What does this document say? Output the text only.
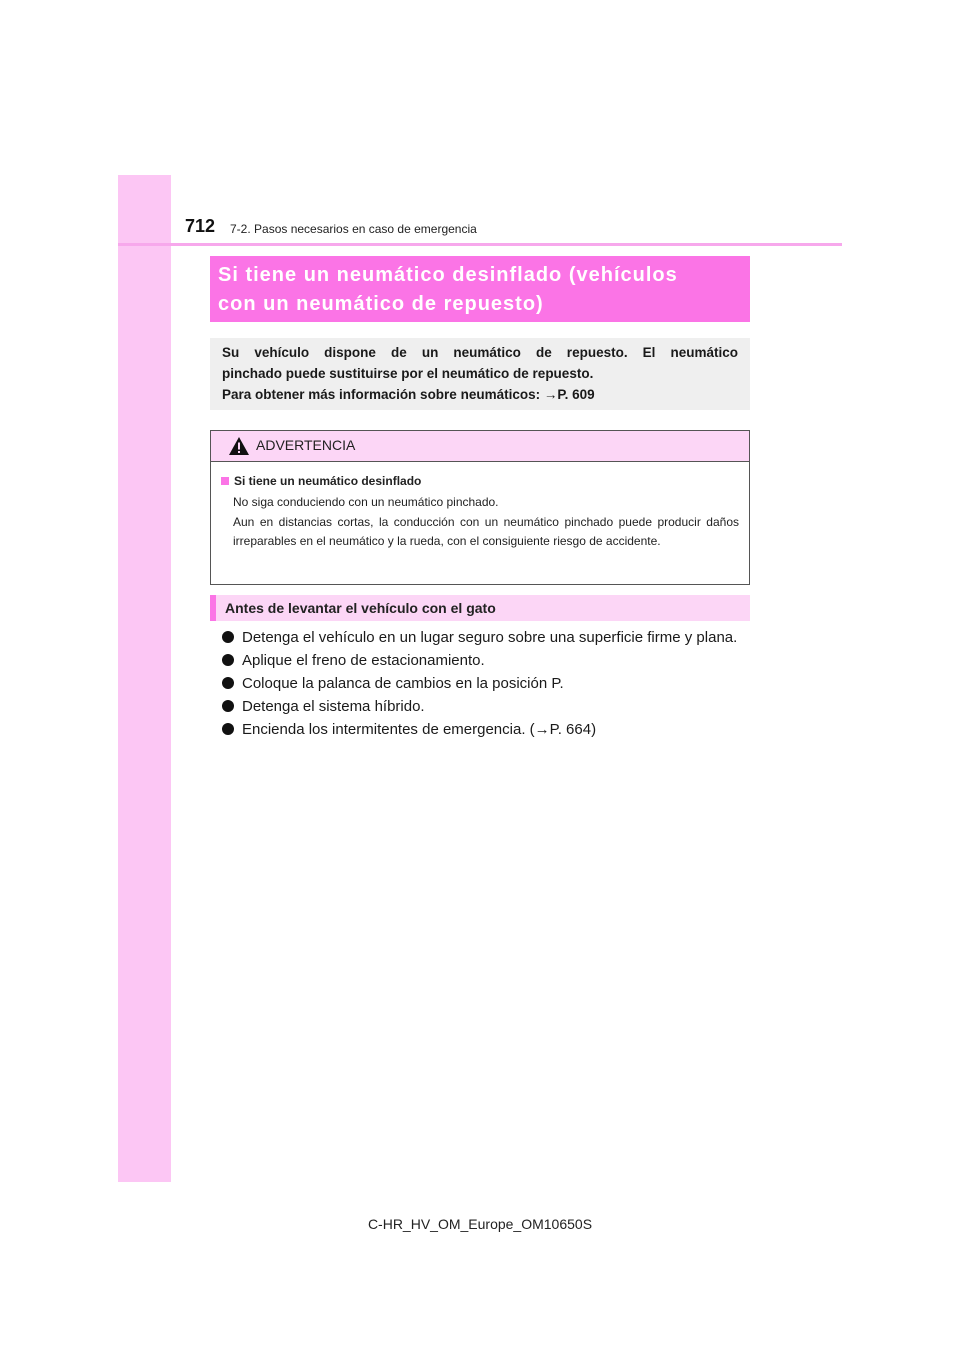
712 7-2. Pasos necesarios en caso de emergencia
Si tiene un neumático desinflado (vehículos
con un neumático de repuesto)
Su vehículo dispone de un neumático de repuesto. El neumático
pinchado puede sustituirse por el neumático de repuesto.
Para obtener más información sobre neumáticos: →P. 609
ADVERTENCIA
Si tiene un neumático desinflado

No siga conduciendo con un neumático pinchado.

Aun en distancias cortas, la conducción con un neumático pinchado puede producir daños irreparables en el neumático y la rueda, con el consiguiente riesgo de accidente.

Antes de levantar el vehículo con el gato
Detenga el vehículo en un lugar seguro sobre una superficie firme y plana.
Aplique el freno de estacionamiento.
Coloque la palanca de cambios en la posición P.
Detenga el sistema híbrido.
Encienda los intermitentes de emergencia. (→P. 664)
C-HR_HV_OM_Europe_OM10650S
